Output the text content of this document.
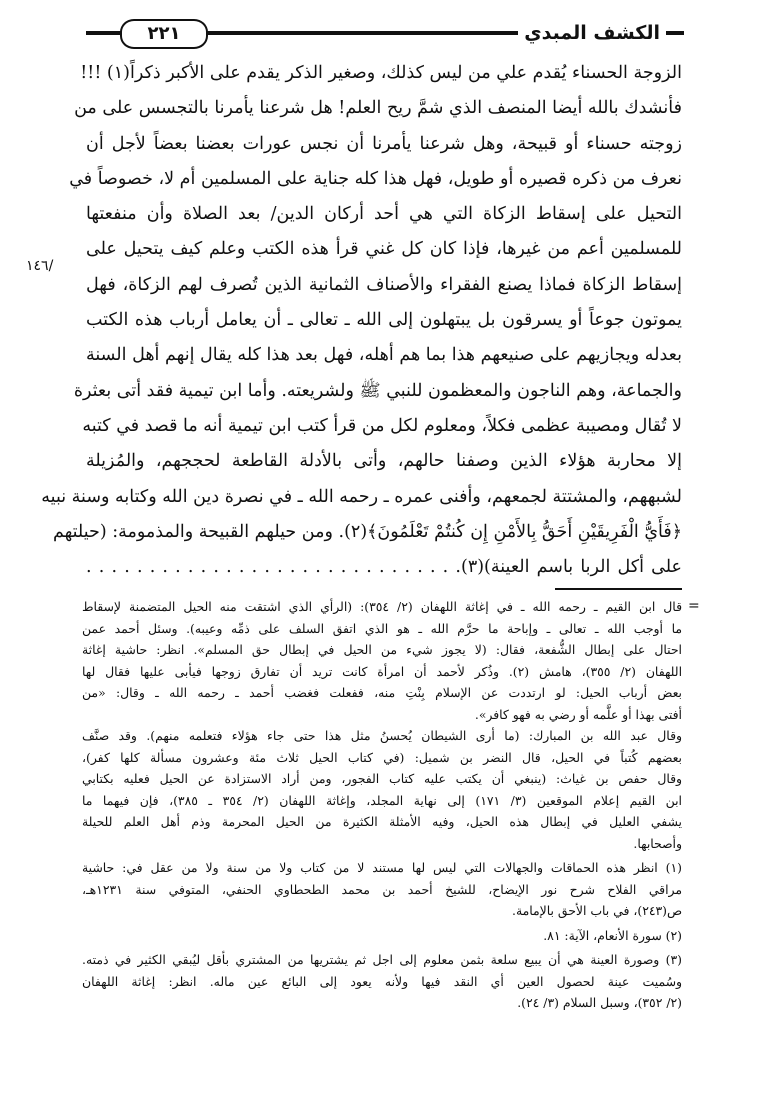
٢٢١	الكشف المبدي
١٤٦/
الزوجة الحسناء يُقدم علي من ليس كذلك، وصغير الذكر يقدم على الأكبر ذكراً(١) !!!
فأنشدك بالله أيضا المنصف الذي شمَّ ريح العلم! هل شرعنا يأمرنا بالتجسس على من
زوجته حسناء أو قبيحة، وهل شرعنا يأمرنا أن نجس عورات بعضنا بعضاً لأجل أن
نعرف من ذكره قصيره أو طويل، فهل هذا كله جناية على المسلمين أم لا، خصوصاً في
التحيل على إسقاط الزكاة التي هي أحد أركان الدين/ بعد الصلاة وأن منفعتها
للمسلمين أعم من غيرها، فإذا كان كل غني قرأ هذه الكتب وعلم كيف يتحيل على
إسقاط الزكاة فماذا يصنع الفقراء والأصناف الثمانية الذين تُصرف لهم الزكاة، فهل
يموتون جوعاً أو يسرقون بل يبتهلون إلى الله ـ تعالى ـ أن يعامل أرباب هذه الكتب
بعدله ويجازيهم على صنيعهم هذا بما هم أهله، فهل بعد هذا كله يقال إنهم أهل السنة
والجماعة، وهم الناجون والمعظمون للنبي ﷺ ولشريعته. وأما ابن تيمية فقد أتى بعثرة
لا تُقال ومصيبة عظمى فكلاً، ومعلوم لكل من قرأ كتب ابن تيمية أنه ما قصد في كتبه
إلا محاربة هؤلاء الذين وصفنا حالهم، وأتى بالأدلة القاطعة لحججهم، والمُزيلة
لشبههم، والمشتتة لجمعهم، وأفنى عمره ـ رحمه الله ـ في نصرة دين الله وكتابه وسنة نبيه
﴿فَأَيُّ الْفَرِيقَيْنِ أَحَقُّ بِالأَمْنِ إِن كُنتُمْ تَعْلَمُونَ﴾(٢). ومن حيلهم القبيحة والمذمومة: (حيلتهم
على أكل الربا باسم العينة)(٣). . . . . . . . . . . . . . . . . . . . . . . . . . . . . .
=
قال ابن القيم ـ رحمه الله ـ في إغاثة اللهفان (٢/ ٣٥٤): (الرأي الذي اشتقت منه الحيل المتضمنة لإسقاط
ما أوجب الله ـ تعالى ـ وإباحة ما حرَّم الله ـ هو الذي اتفق السلف على ذمِّه وعيبه). وسئل أحمد عمن
احتال على إبطال الشُّفعة، فقال: (لا يجوز شيء من الحيل في إبطال حق المسلم». انظر: حاشية إغاثة
اللهفان (٢/ ٣٥٥)، هامش (٢). وذُكر لأحمد أن امرأة كانت تريد أن تفارق زوجها فيأبى عليها فقال لها
بعض أرباب الحيل: لو ارتددت عن الإسلام بِنْتِ منه، ففعلت فغضب أحمد ـ رحمه الله ـ وقال: «من
أفتى بهذا أو علَّمه أو رضي به فهو كافر».
وقال عبد الله بن المبارك: (ما أرى الشيطان يُحسنُ مثل هذا حتى جاء هؤلاء فتعلمه منهم). وقد صنَّف
بعضهم كُتباً في الحيل، قال النضر بن شميل: (في كتاب الحيل ثلاث مئة وعشرون مسألة كلها كفر)،
وقال حفص بن غياث: (ينبغي أن يكتب عليه كتاب الفجور، ومن أراد الاستزادة عن الحيل فعليه بكتابي
ابن القيم إعلام الموقعين (٣/ ١٧١) إلى نهاية المجلد، وإغاثة اللهفان (٢/ ٣٥٤ ـ ٣٨٥)، فإن فيهما ما
يشفي العليل في إبطال هذه الحيل، وفيه الأمثلة الكثيرة من الحيل المحرمة وذم أهل العلم للحيلة
وأصحابها.
(١) انظر هذه الحماقات والجهالات التي ليس لها مستند لا من كتاب ولا من سنة ولا من عقل في: حاشية
مراقي الفلاح شرح نور الإيضاح، للشيخ أحمد بن محمد الطحطاوي الحنفي، المتوفي سنة ١٢٣١هـ،
ص(٢٤٣)، في باب الأحق بالإمامة.
(٢) سورة الأنعام، الآية: ٨١.
(٣) وصورة العينة هي أن يبيع سلعة بثمن معلوم إلى اجل ثم يشتريها من المشتري بأقل ليُبقي الكثير في ذمته.
وسُميت عينة لحصول العين أي النقد فيها ولأنه يعود إلى البائع عين ماله. انظر: إغاثة اللهفان
(٢/ ٣٥٢)، وسبل السلام (٣/ ٢٤).
